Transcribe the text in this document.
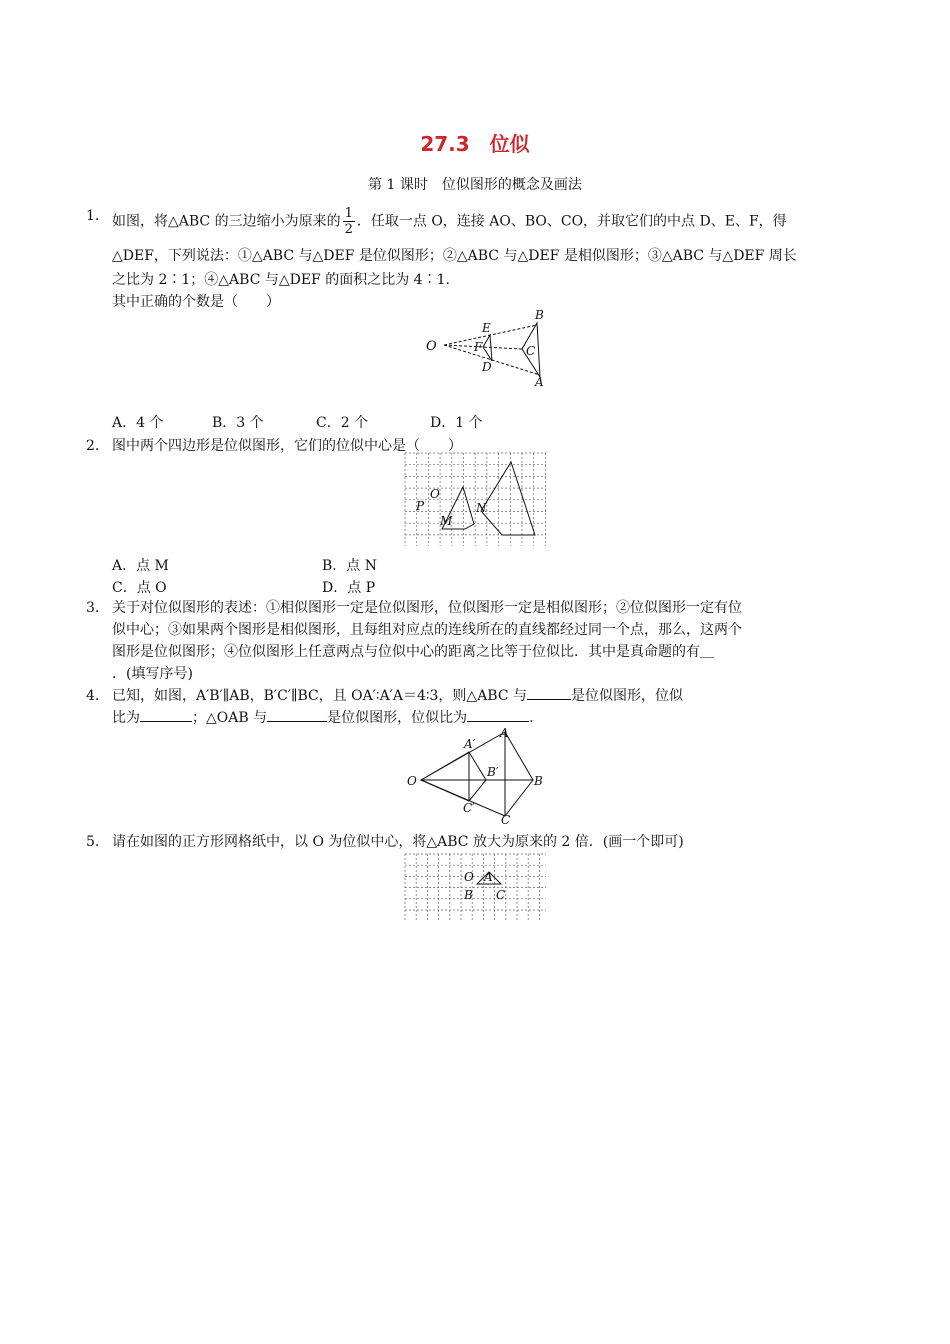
27.3　位似
第 1 课时　位似图形的概念及画法
1. 如图，将△ABC 的三边缩小为原来的 $\frac{1}{2}$ ．任取一点 O，连接 AO、BO、CO，并取它们的中点 D、E、F，得
△DEF，下列说法：①△ABC 与△DEF 是位似图形；②△ABC 与△DEF 是相似图形；③△ABC 与△DEF 周长
之比为 2∶1；④△ABC 与△DEF 的面积之比为 4∶1.
其中正确的个数是（　　）
O
E
F
D
B
C
A
A．4 个	B．3 个	C．2 个	D．1 个
2. 图中两个四边形是位似图形，它们的位似中心是（　　）
O
P
M
N
A．点 M	B．点 N
C．点 O	D．点 P
3. 关于对位似图形的表述：①相似图形一定是位似图形，位似图形一定是相似图形；②位似图形一定有位
似中心；③如果两个图形是相似图形，且每组对应点的连线所在的直线都经过同一个点，那么，这两个
图形是位似图形；④位似图形上任意两点与位似中心的距离之比等于位似比．其中是真命题的有＿
．(填写序号)
4. 已知，如图，A′B′∥AB，B′C′∥BC，且 OA′∶A′A＝4∶3，则△ABC 与	是位似图形，位似
比为	；△OAB 与	是位似图形，位似比为	.
A′
A
O
B′
B
C′
C
5. 请在如图的正方形网格纸中，以 O 为位似中心，将△ABC 放大为原来的 2 倍．(画一个即可)
O A
B C
